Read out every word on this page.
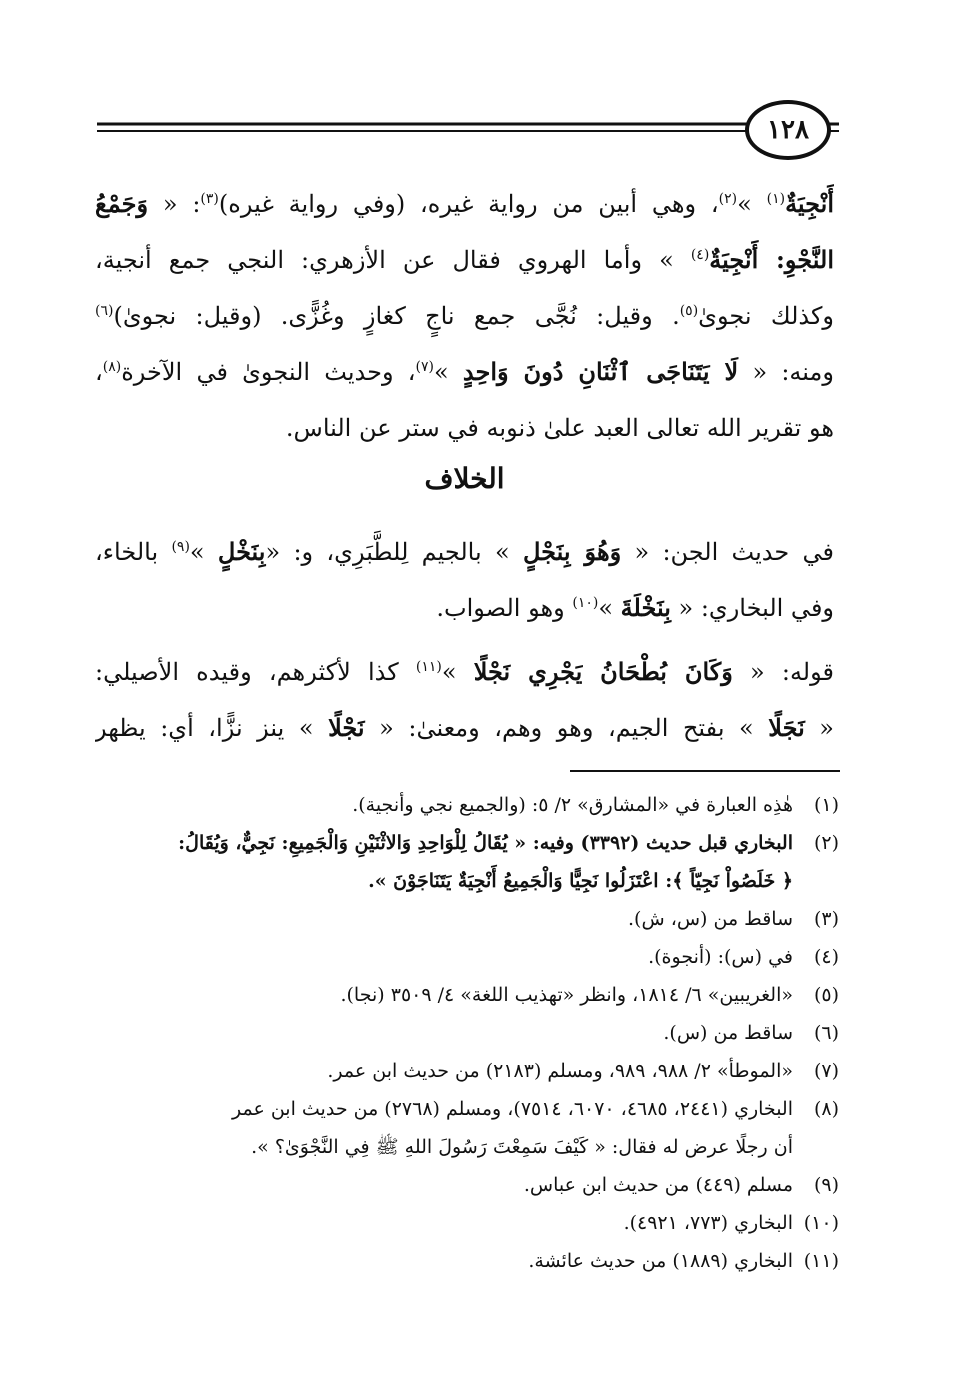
١٢٨
أَنْجِيَةٌ$^{(١)}$ »$^{(٢)}$، وهي أبين من رواية غيره، (وفي رواية غيره)$^{(٣)}$: « وَجَمْعُ
النَّجْوِ: أَنْجِيَةٌ$^{(٤)}$ » وأما الهروي فقال عن الأزهري: النجي جمع أنجية،
وكذلك نجوىٰ$^{(٥)}$. وقيل: نُجَّى جمع ناجٍ كغازٍ وغُزًّى. (وقيل: نجوىٰ)$^{(٦)}$
ومنه: « لَا يَتَنَاجَى ٱثْنَانِ دُونَ وَاحِدٍ »$^{(٧)}$، وحديث النجوىٰ في الآخرة$^{(٨)}$،
هو تقرير الله تعالى العبد علىٰ ذنوبه في ستر عن الناس.
الخلاف
في حديث الجن: « وَهُوَ بِنَجْلٍ » بالجيم لِلطَّبَرِي، و: «بِنَخْلٍ »$^{(٩)}$ بالخاء،
وفي البخاري: « بِنَخْلَةَ »$^{(١٠)}$ وهو الصواب.
قوله: « وَكَانَ بُطْحَانُ يَجْرِي نَجْلًا »$^{(١١)}$ كذا لأكثرهم، وقيده الأصيلي:
« نَجَلًا » بفتح الجيم، وهو وهم، ومعنىٰ: « نَجْلًا » ينز نزًّا، أي: يظهر
(١)
هٰذِه العبارة في «المشارق» ٢/ ٥: (والجميع نجي وأنجية).
(٢)
البخاري قبل حديث (٣٣٩٢) وفيه: « يُقَالُ لِلْوَاحِدِ وَالاثْنَيْنِ وَالْجَمِيعِ: نَجِيٌّ، وَيُقَالُ:
﴿ خَلَصُواْ نَجِيّاً ﴾: اعْتَزَلُوا نَجِيًّا وَالْجَمِيعُ أَنْجِيَةٌ يَتَنَاجَوْنَ ».
(٣)
ساقط من (س، ش).
(٤)
في (س): (أنجوة).
(٥)
«الغريبين» ٦/ ١٨١٤، وانظر «تهذيب اللغة» ٤/ ٣٥٠٩ (نجا).
(٦)
ساقط من (س).
(٧)
«الموطأ» ٢/ ٩٨٨، ٩٨٩، ومسلم (٢١٨٣) من حديث ابن عمر.
(٨)
البخاري (٢٤٤١، ٤٦٨٥، ٦٠٧٠، ٧٥١٤)، ومسلم (٢٧٦٨) من حديث ابن عمر
أن رجلًا عرض له فقال: « كَيْفَ سَمِعْتَ رَسُولَ اللهِ ﷺ فِي النَّجْوَىٰ؟ ».
(٩)
مسلم (٤٤٩) من حديث ابن عباس.
(١٠)
البخاري (٧٧٣، ٤٩٢١).
(١١)
البخاري (١٨٨٩) من حديث عائشة.
